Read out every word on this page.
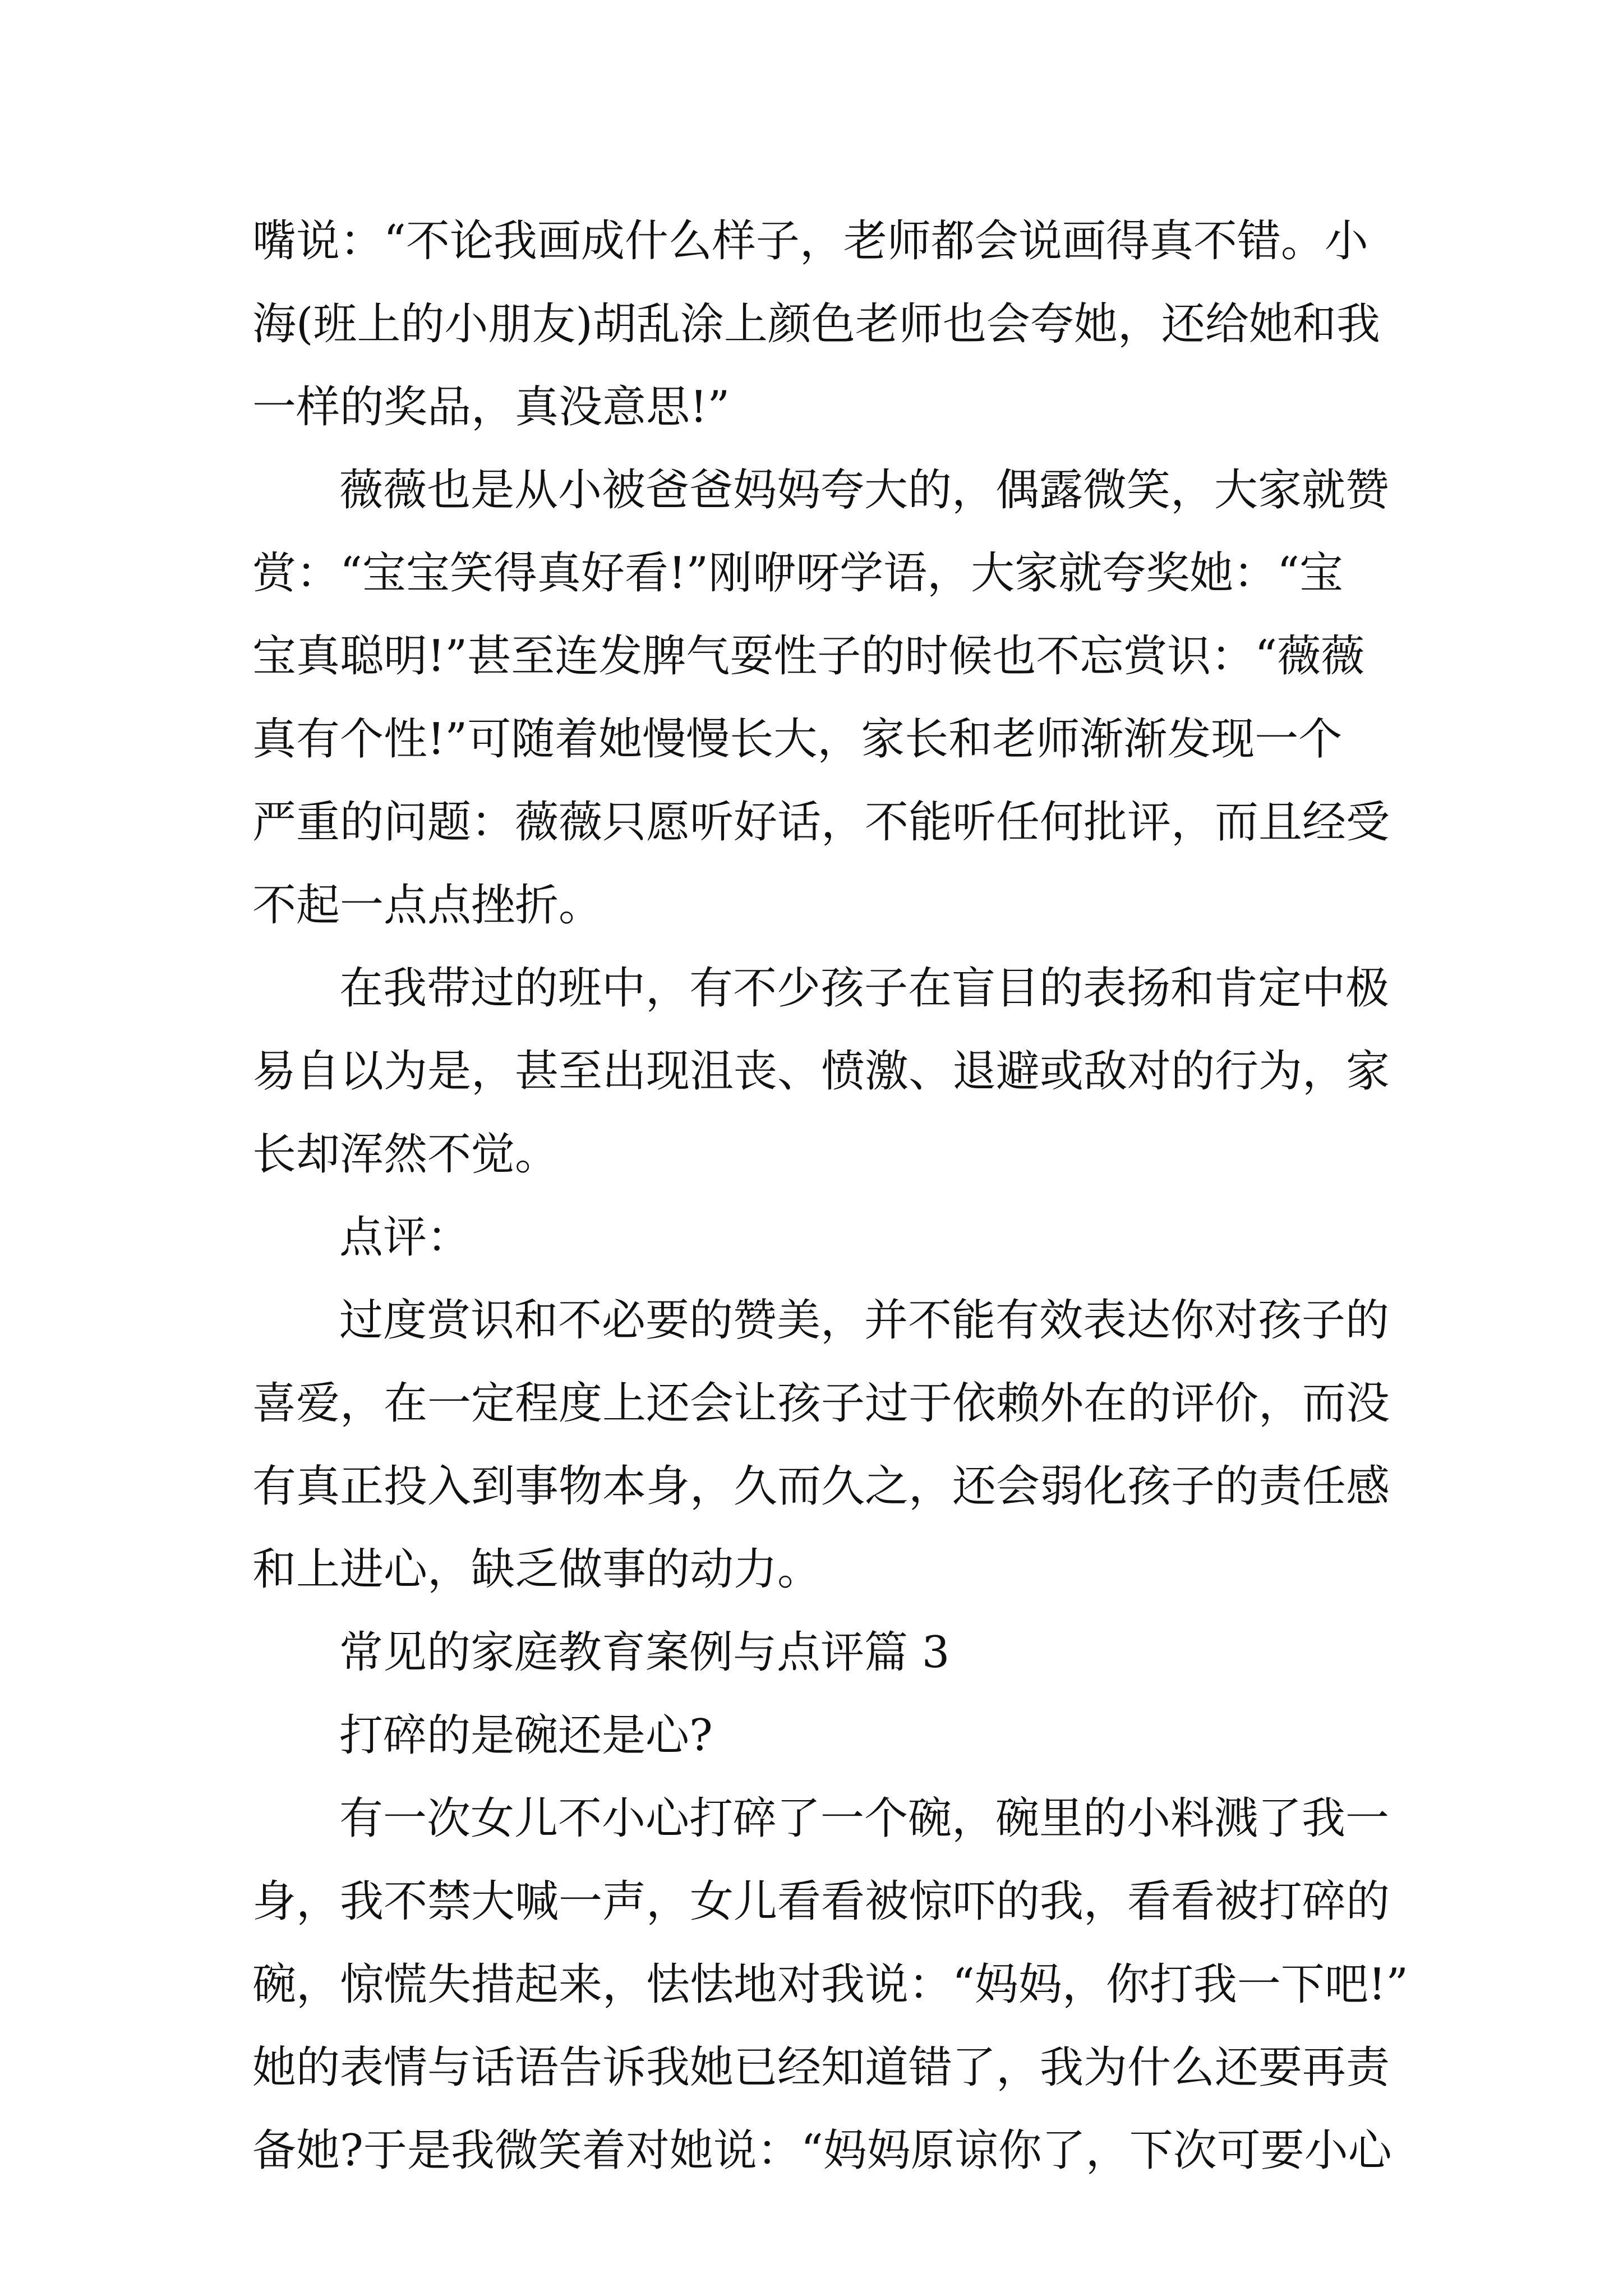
嘴说：“不论我画成什么样子，老师都会说画得真不错。小

海(班上的小朋友)胡乱涂上颜色老师也会夸她，还给她和我

一样的奖品，真没意思!”

薇薇也是从小被爸爸妈妈夸大的，偶露微笑，大家就赞

赏：“宝宝笑得真好看!”刚咿呀学语，大家就夸奖她：“宝

宝真聪明!”甚至连发脾气耍性子的时候也不忘赏识：“薇薇

真有个性!”可随着她慢慢长大，家长和老师渐渐发现一个

严重的问题：薇薇只愿听好话，不能听任何批评，而且经受

不起一点点挫折。

在我带过的班中，有不少孩子在盲目的表扬和肯定中极

易自以为是，甚至出现沮丧、愤激、退避或敌对的行为，家

长却浑然不觉。

点评：

过度赏识和不必要的赞美，并不能有效表达你对孩子的

喜爱，在一定程度上还会让孩子过于依赖外在的评价，而没

有真正投入到事物本身，久而久之，还会弱化孩子的责任感

和上进心，缺乏做事的动力。

常见的家庭教育案例与点评篇 3

打碎的是碗还是心?

有一次女儿不小心打碎了一个碗，碗里的小料溅了我一

身，我不禁大喊一声，女儿看看被惊吓的我，看看被打碎的

碗，惊慌失措起来，怯怯地对我说：“妈妈，你打我一下吧!”

她的表情与话语告诉我她已经知道错了，我为什么还要再责

备她?于是我微笑着对她说：“妈妈原谅你了，下次可要小心
